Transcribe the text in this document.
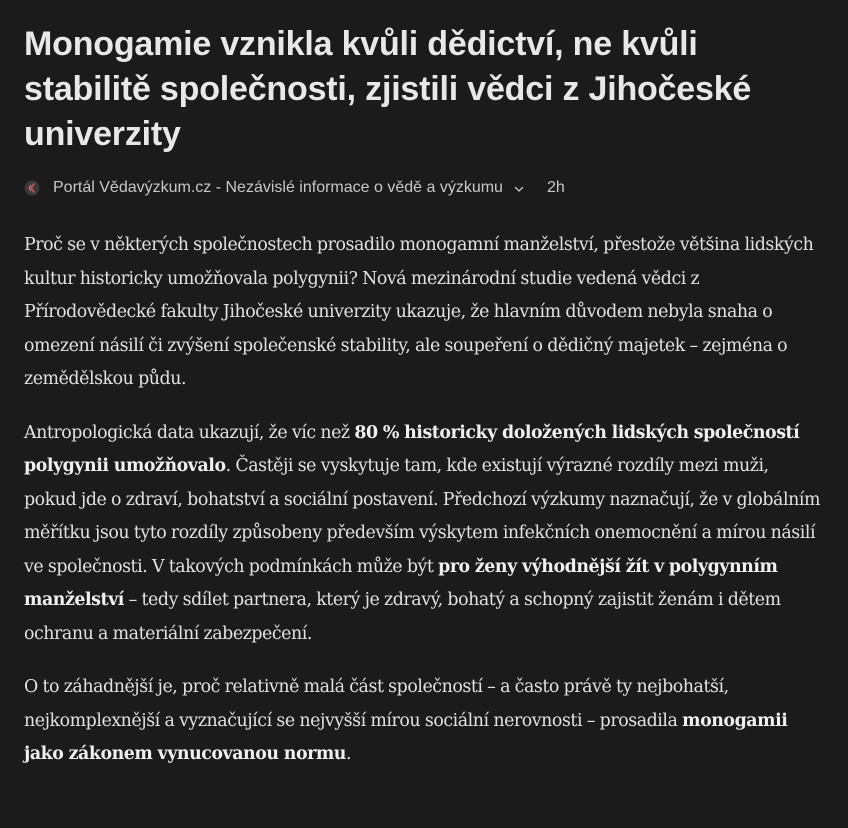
Monogamie vznikla kvůli dědictví, ne kvůli stabilitě společnosti, zjistili vědci z Jihočeské univerzity
Portál Vědavýzkum.cz - Nezávislé informace o vědě a výzkumu	2h

Proč se v některých společnostech prosadilo monogamní manželství, přestože většina lidských kultur historicky umožňovala polygynii? Nová mezinárodní studie vedená vědci z Přírodovědecké fakulty Jihočeské univerzity ukazuje, že hlavním důvodem nebyla snaha o omezení násilí či zvýšení společenské stability, ale soupeření o dědičný majetek – zejména o zemědělskou půdu.

Antropologická data ukazují, že víc než 80 % historicky doložených lidských společností polygynii umožňovalo. Častěji se vyskytuje tam, kde existují výrazné rozdíly mezi muži, pokud jde o zdraví, bohatství a sociální postavení. Předchozí výzkumy naznačují, že v globálním měřítku jsou tyto rozdíly způsobeny především výskytem infekčních onemocnění a mírou násilí ve společnosti. V takových podmínkách může být pro ženy výhodnější žít v polygynním manželství – tedy sdílet partnera, který je zdravý, bohatý a schopný zajistit ženám i dětem ochranu a materiální zabezpečení.

O to záhadnější je, proč relativně malá část společností – a často právě ty nejbohatší, nejkomplexnější a vyznačující se nejvyšší mírou sociální nerovnosti – prosadila monogamii jako zákonem vynucovanou normu.
